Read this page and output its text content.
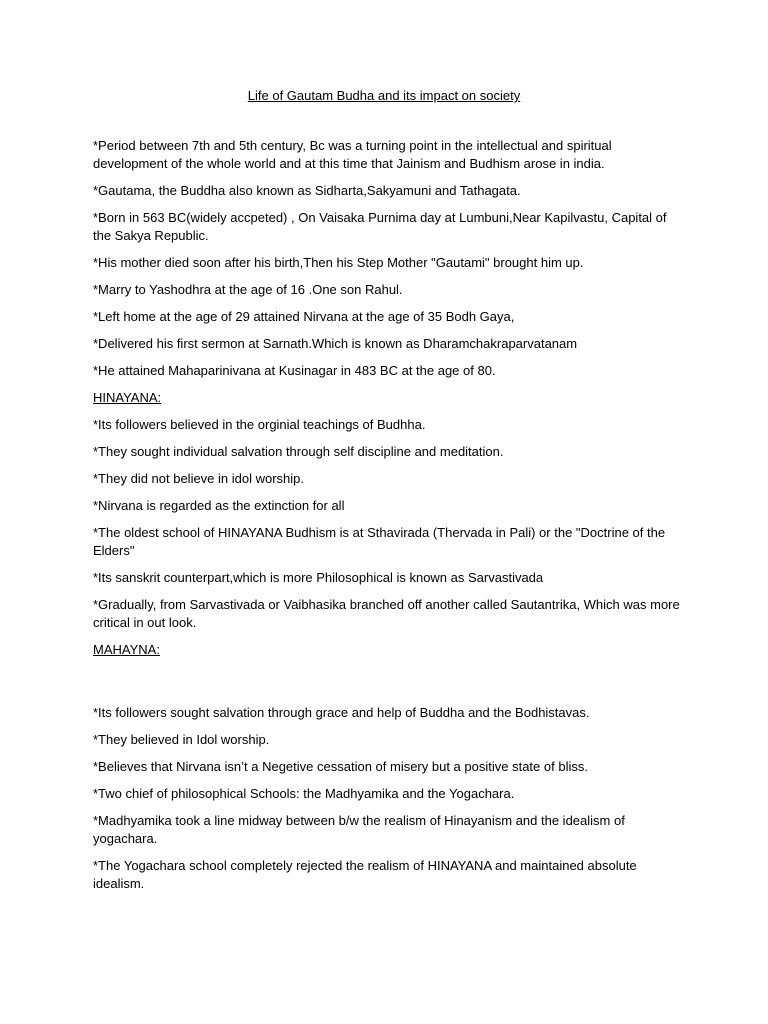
Life of Gautam Budha and its impact on society

*Period between 7th and 5th century, Bc was a turning point in the intellectual and spiritual development of the whole world and at this time that Jainism and Budhism arose in india.

*Gautama, the Buddha also known as Sidharta,Sakyamuni and Tathagata.

*Born in 563 BC(widely accpeted) , On Vaisaka Purnima day at Lumbuni,Near Kapilvastu, Capital of the Sakya Republic.

*His mother died soon after his birth,Then his Step Mother "Gautami" brought him up.

*Marry to Yashodhra at the age of 16 .One son Rahul.

*Left home at the age of 29 attained Nirvana at the age of 35 Bodh Gaya,

*Delivered his first sermon at Sarnath.Which is known as Dharamchakraparvatanam

*He attained Mahaparinivana at Kusinagar in 483 BC at the age of 80.

HINAYANA:

*Its followers believed in the orginial teachings of Budhha.

*They sought individual salvation through self discipline and meditation.

*They did not believe in idol worship.

*Nirvana is regarded as the extinction for all

*The oldest school of HINAYANA Budhism is at Sthavirada (Thervada in Pali) or the "Doctrine of the Elders"

*Its sanskrit counterpart,which is more Philosophical is known as Sarvastivada

*Gradually, from Sarvastivada or Vaibhasika branched off another called Sautantrika, Which was more critical in out look.

MAHAYNA:

*Its followers sought salvation through grace and help of Buddha and the Bodhistavas.

*They believed in Idol worship.

*Believes that Nirvana isn’t a Negetive cessation of misery but a positive state of bliss.

*Two chief of philosophical Schools: the Madhyamika and the Yogachara.

*Madhyamika took a line midway between b/w the realism of Hinayanism and the idealism of yogachara.

*The Yogachara school completely rejected the realism of HINAYANA and maintained absolute idealism.
